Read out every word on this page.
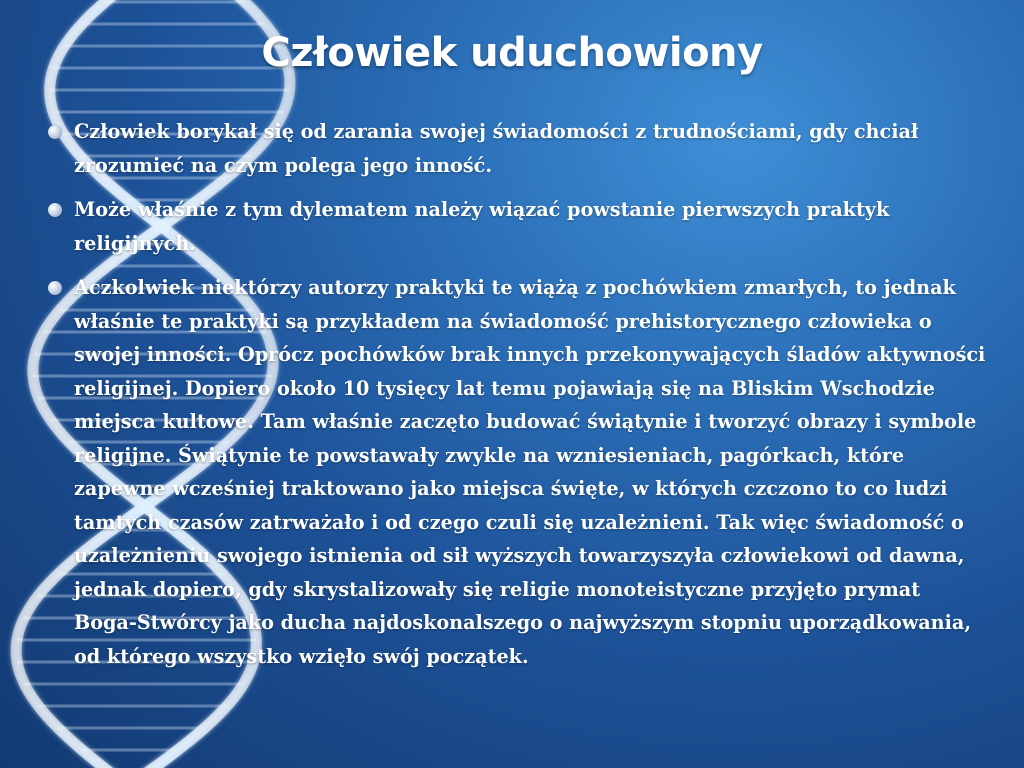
Człowiek uduchowiony
Człowiek borykał się od zarania swojej świadomości z trudnościami, gdy chciał zrozumieć na czym polega jego inność.
Może właśnie z tym dylematem należy wiązać powstanie pierwszych praktyk religijnych.
Aczkolwiek niektórzy autorzy praktyki te wiążą z pochówkiem zmarłych, to jednak właśnie te praktyki są przykładem na świadomość prehistorycznego człowieka o swojej inności. Oprócz pochówków brak innych przekonywających śladów aktywności religijnej. Dopiero około 10 tysięcy lat temu pojawiają się na Bliskim Wschodzie miejsca kultowe. Tam właśnie zaczęto budować świątynie i tworzyć obrazy i symbole religijne. Świątynie te powstawały zwykle na wzniesieniach, pagórkach, które zapewne wcześniej traktowano jako miejsca święte, w których czczono to co ludzi tamtych czasów zatrważało i od czego czuli się uzależnieni. Tak więc świadomość o uzależnieniu swojego istnienia od sił wyższych towarzyszyła człowiekowi od dawna, jednak dopiero, gdy skrystalizowały się religie monoteistyczne przyjęto prymat Boga-Stwórcy jako ducha najdoskonalszego o najwyższym stopniu uporządkowania, od którego wszystko wzięło swój początek.
